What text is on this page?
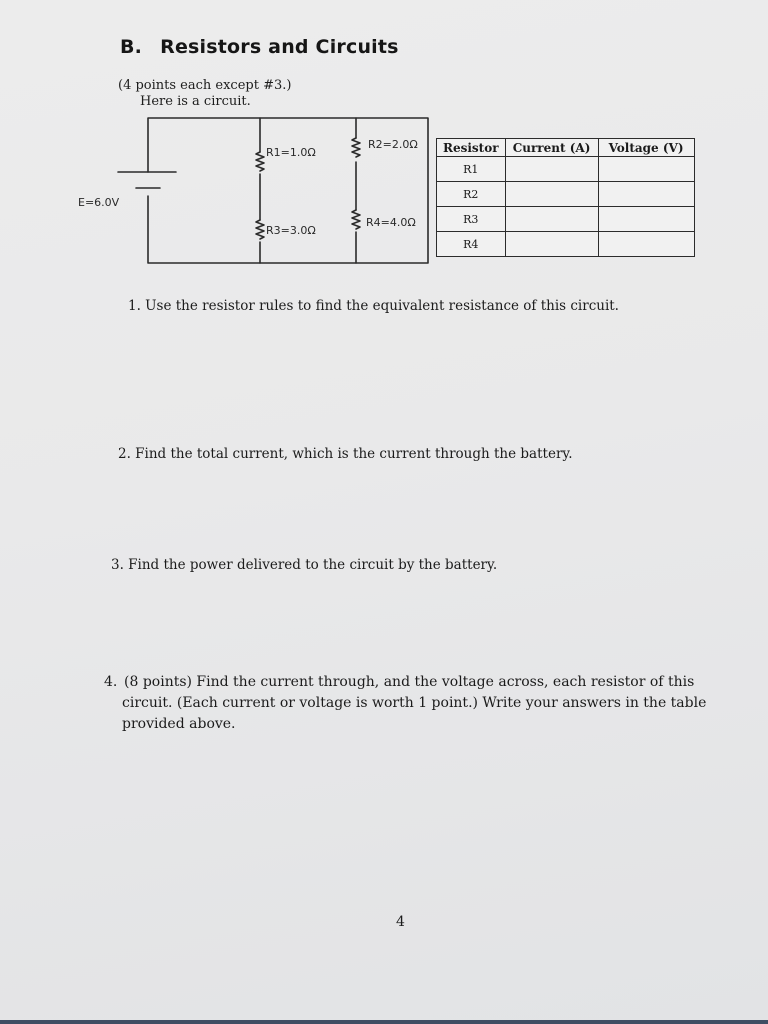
B. Resistors and Circuits
(4 points each except #3.)
Here is a circuit.
E=6.0V
R1=1.0Ω
R2=2.0Ω
R3=3.0Ω
R4=4.0Ω
Resistor	Current (A)	Voltage (V)
R1		
R2		
R3		
R4		
1. Use the resistor rules to find the equivalent resistance of this circuit.
2. Find the total current, which is the current through the battery.
3. Find the power delivered to the circuit by the battery.
4. (8 points) Find the current through, and the voltage across, each resistor of this
circuit. (Each current or voltage is worth 1 point.) Write your answers in the table
provided above.
4
